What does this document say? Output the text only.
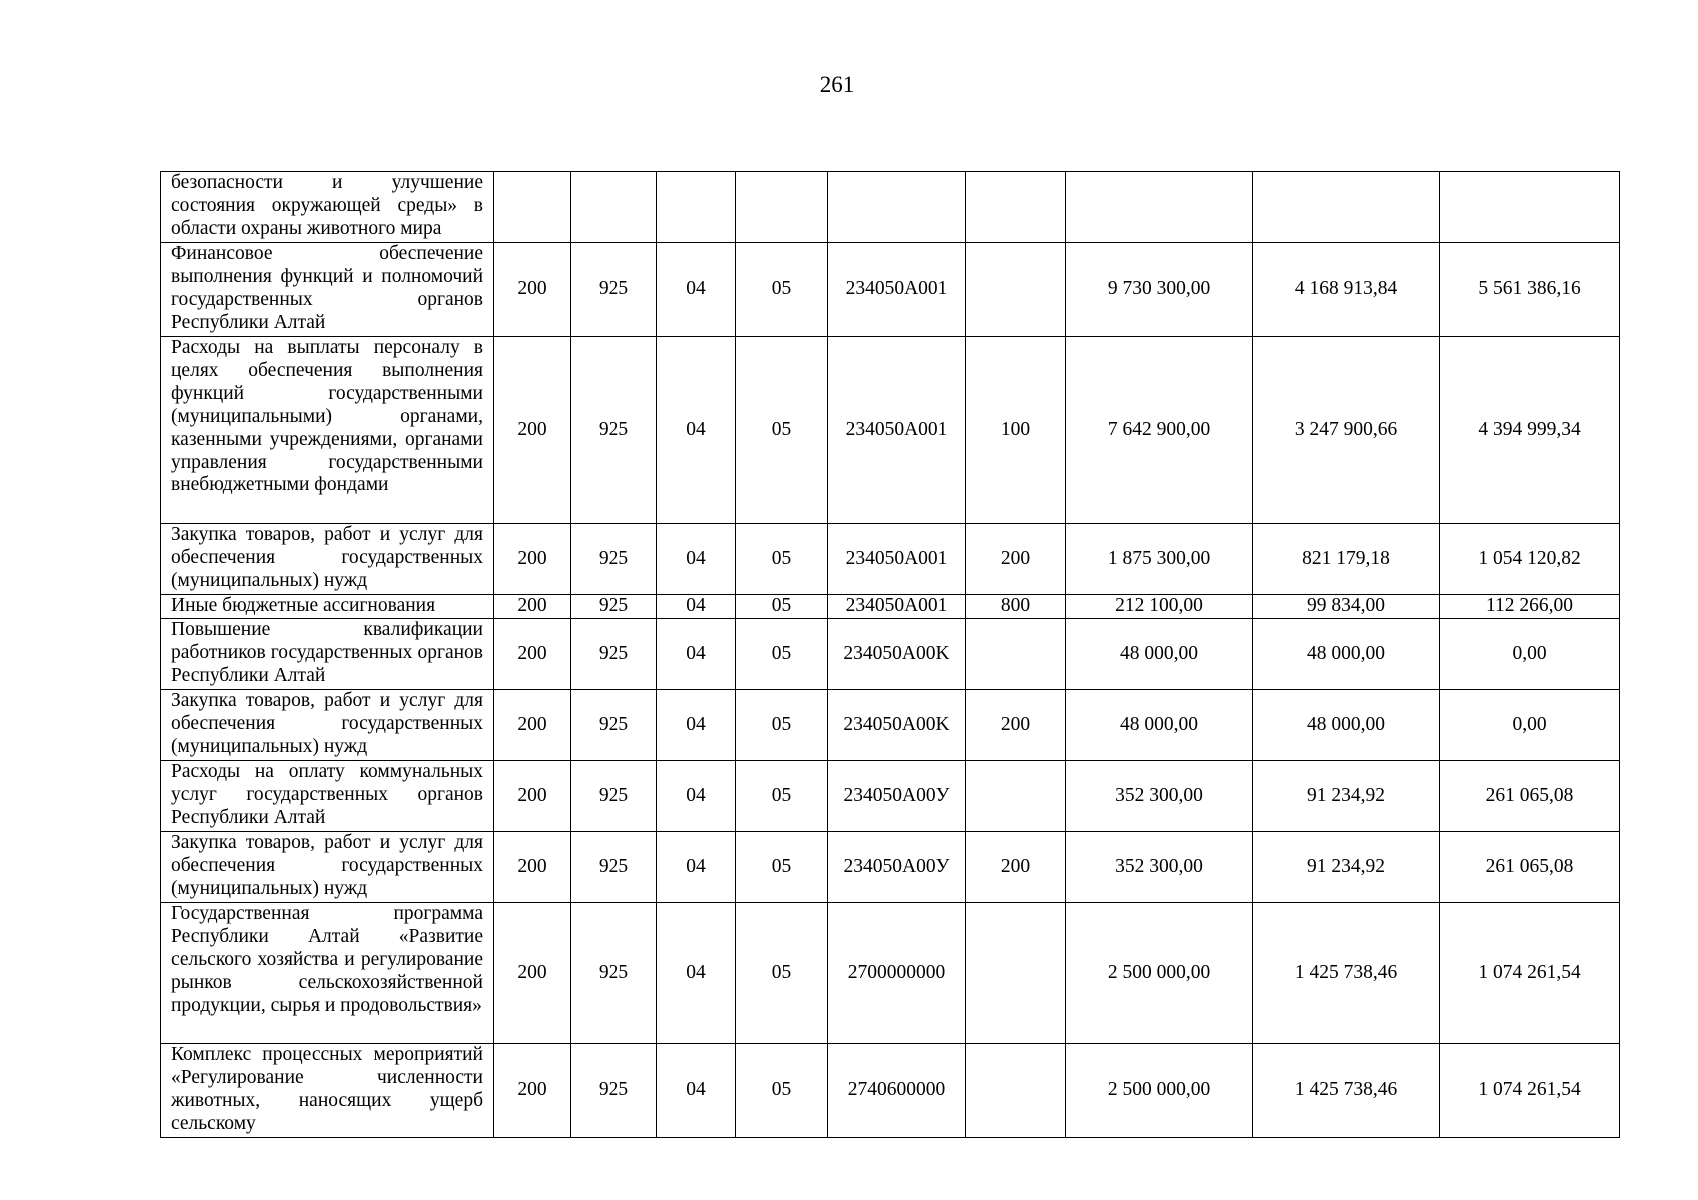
261
безопасности и улучшение состояния окружающей среды» в области охраны животного мира									
Финансовое обеспечение выполнения функций и полномочий государственных органов Республики Алтай	200	925	04	05	234050A001		9 730 300,00	4 168 913,84	5 561 386,16
Расходы на выплаты персоналу в целях обеспечения выполнения функций государственными (муниципальными) органами, казенными учреждениями, органами управления государственными внебюджетными фондами	200	925	04	05	234050A001	100	7 642 900,00	3 247 900,66	4 394 999,34
Закупка товаров, работ и услуг для обеспечения государственных (муниципальных) нужд	200	925	04	05	234050A001	200	1 875 300,00	821 179,18	1 054 120,82
Иные бюджетные ассигнования	200	925	04	05	234050A001	800	212 100,00	99 834,00	112 266,00
Повышение квалификации работников государственных органов Республики Алтай	200	925	04	05	234050A00K		48 000,00	48 000,00	0,00
Закупка товаров, работ и услуг для обеспечения государственных (муниципальных) нужд	200	925	04	05	234050A00K	200	48 000,00	48 000,00	0,00
Расходы на оплату коммунальных услуг государственных органов Республики Алтай	200	925	04	05	234050A00У		352 300,00	91 234,92	261 065,08
Закупка товаров, работ и услуг для обеспечения государственных (муниципальных) нужд	200	925	04	05	234050A00У	200	352 300,00	91 234,92	261 065,08
Государственная программа Республики Алтай «Развитие сельского хозяйства и регулирование рынков сельскохозяйственной продукции, сырья и продовольствия»	200	925	04	05	2700000000		2 500 000,00	1 425 738,46	1 074 261,54
Комплекс процессных мероприятий «Регулирование численности животных, наносящих ущерб сельскому	200	925	04	05	2740600000		2 500 000,00	1 425 738,46	1 074 261,54
